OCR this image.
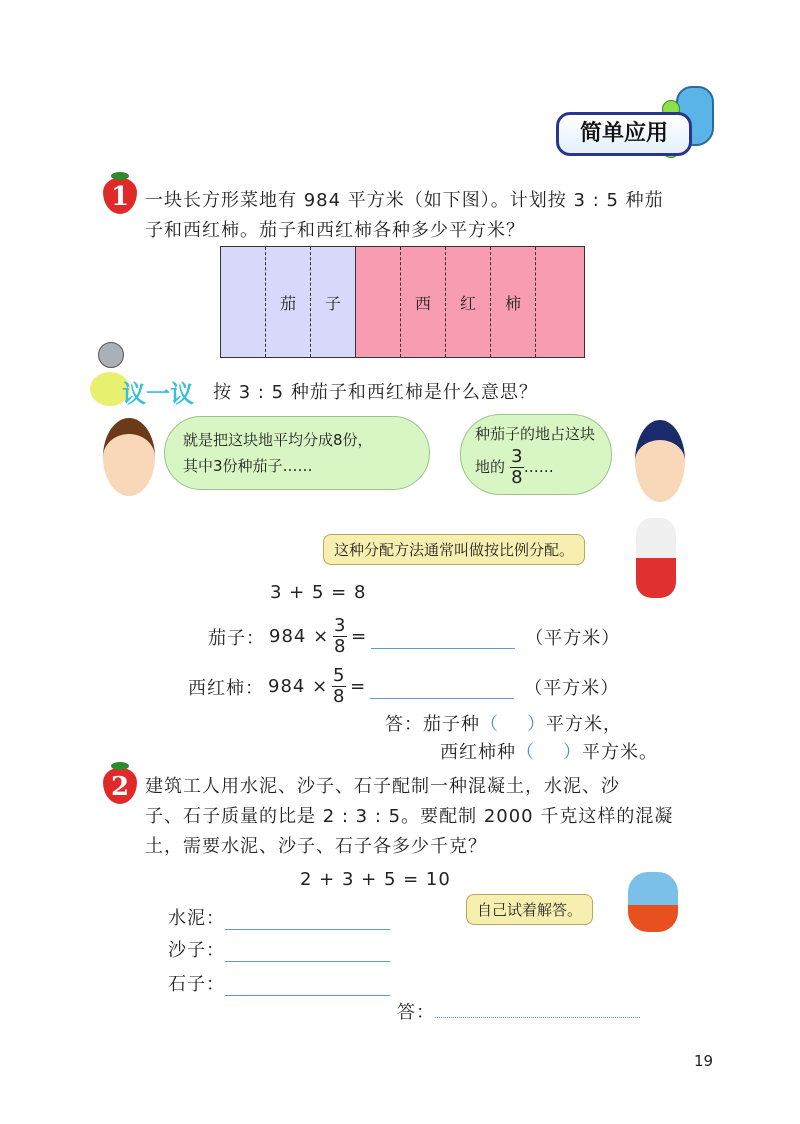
简单应用
1 一块长方形菜地有 984 平方米（如下图）。计划按 3 : 5 种茄
子和西红柿。茄子和西红柿各种多少平方米？
茄 子	西 红 柿
议一议 按 3 : 5 种茄子和西红柿是什么意思？
就是把这块地平均分成8份，
其中3份种茄子……
种茄子的地占这块
地的 $\frac{3}{8}$ ……
这种分配方法通常叫做按比例分配。
3 + 5 = 8
茄子： $984 \times \frac{3}{8}$ =	（平方米）
西红柿： $984 \times \frac{5}{8}$ =	（平方米）
答：茄子种（ ）平方米，
西红柿种（ ）平方米。
2 建筑工人用水泥、沙子、石子配制一种混凝土，水泥、沙
子、石子质量的比是 2 : 3 : 5。要配制 2000 千克这样的混凝
土，需要水泥、沙子、石子各多少千克？
2 + 3 + 5 = 10
水泥：
沙子：
石子：
自己试着解答。
答：
19
